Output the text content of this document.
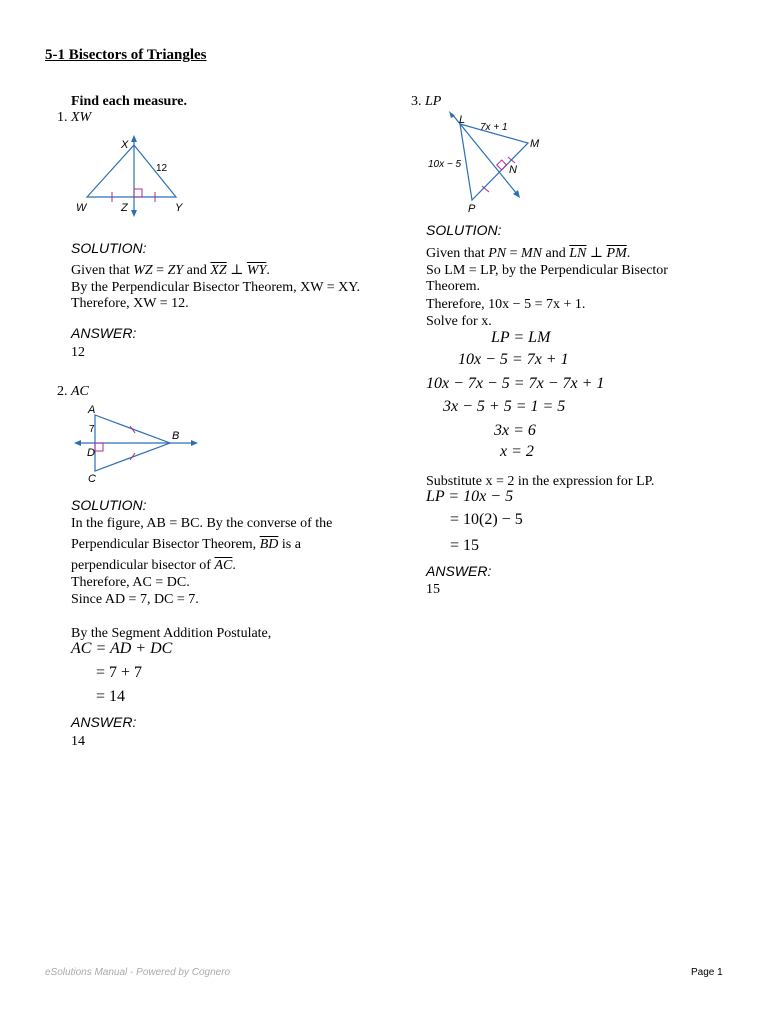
5-1 Bisectors of Triangles
Find each measure.
1. XW
X
W	Z	Y
12
SOLUTION:
Given that WZ = ZY and $\overline{XZ}$ ⊥ $\overline{WY}$.
By the Perpendicular Bisector Theorem, XW = XY.
Therefore, XW = 12.
ANSWER:
12
2. AC
A
B
D
C
7
SOLUTION:
In the figure, AB = BC. By the converse of the
Perpendicular Bisector Theorem, $\overline{BD}$ is a
perpendicular bisector of $\overline{AC}$.
Therefore, AC = DC.
Since AD = 7, DC = 7.
By the Segment Addition Postulate,
AC = AD + DC
= 7 + 7
= 14
ANSWER:
14
3. LP
L
M
N
P
7x + 1
10x − 5
SOLUTION:
Given that PN = MN and $\overline{LN}$ ⊥ $\overline{PM}$.
So LM = LP, by the Perpendicular Bisector
Theorem.
Therefore, 10x − 5 = 7x + 1.
Solve for x.
LP = LM
10x − 5 = 7x + 1
10x − 7x − 5 = 7x − 7x + 1
3x − 5 + 5 = 1 = 5
3x = 6
x = 2
Substitute x = 2 in the expression for LP.
LP = 10x − 5
= 10(2) − 5
= 15
ANSWER:
15
eSolutions Manual - Powered by Cognero	Page 1
